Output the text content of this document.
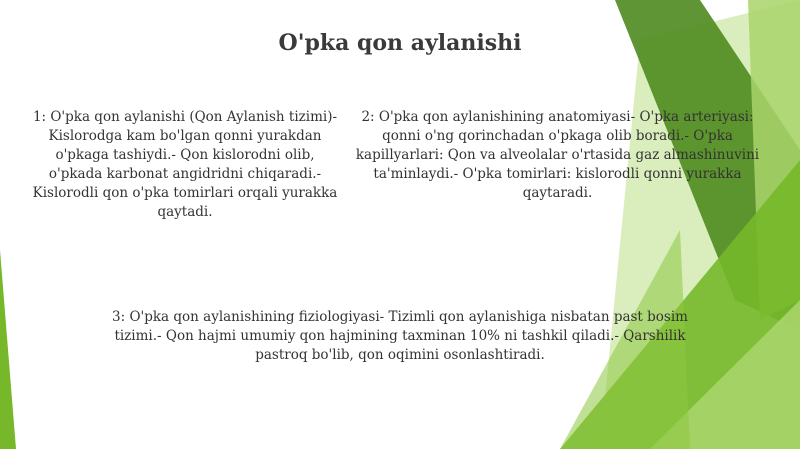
O'pka qon aylanishi

1: O'pka qon aylanishi (Qon Aylanish tizimi)- Kislorodga kam bo'lgan qonni yurakdan o'pkaga tashiydi.- Qon kislorodni olib, o'pkada karbonat angidridni chiqaradi.- Kislorodli qon o'pka tomirlari orqali yurakka qaytadi.

2: O'pka qon aylanishining anatomiyasi- O'pka arteriyasi: qonni o'ng qorinchadan o'pkaga olib boradi.- O'pka kapillyarlari: Qon va alveolalar o'rtasida gaz almashinuvini ta'minlaydi.- O'pka tomirlari: kislorodli qonni yurakka qaytaradi.

3: O'pka qon aylanishining fiziologiyasi- Tizimli qon aylanishiga nisbatan past bosim tizimi.- Qon hajmi umumiy qon hajmining taxminan 10% ni tashkil qiladi.- Qarshilik pastroq bo'lib, qon oqimini osonlashtiradi.
